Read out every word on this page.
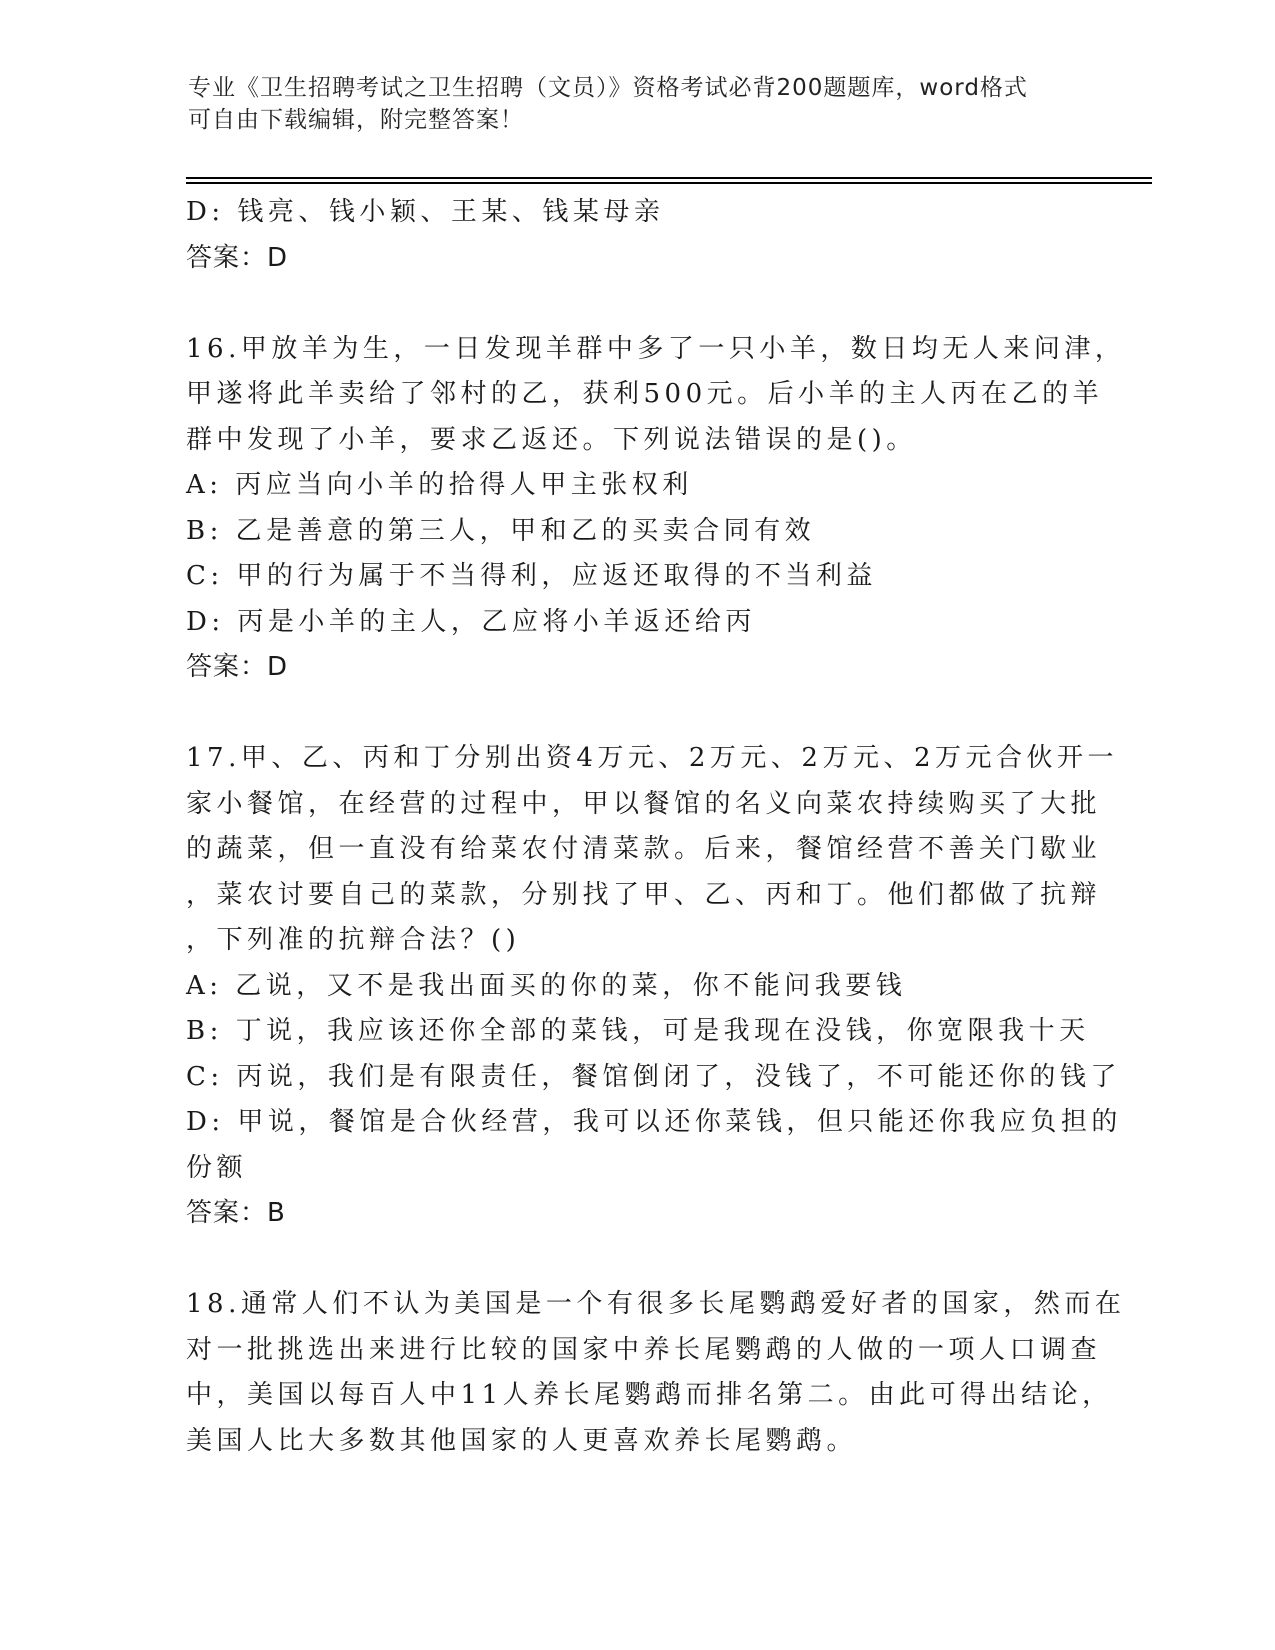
专业《卫生招聘考试之卫生招聘（文员）》资格考试必背200题题库，word格式
可自由下载编辑，附完整答案！
D: 钱亮、钱小颖、王某、钱某母亲
答案：D
16.甲放羊为生，一日发现羊群中多了一只小羊，数日均无人来问津，
甲遂将此羊卖给了邻村的乙，获利500元。后小羊的主人丙在乙的羊
群中发现了小羊，要求乙返还。下列说法错误的是()。
A: 丙应当向小羊的拾得人甲主张权利
B: 乙是善意的第三人，甲和乙的买卖合同有效
C: 甲的行为属于不当得利，应返还取得的不当利益
D: 丙是小羊的主人，乙应将小羊返还给丙
答案：D
17.甲、乙、丙和丁分别出资4万元、2万元、2万元、2万元合伙开一
家小餐馆，在经营的过程中，甲以餐馆的名义向菜农持续购买了大批
的蔬菜，但一直没有给菜农付清菜款。后来，餐馆经营不善关门歇业
，菜农讨要自己的菜款，分别找了甲、乙、丙和丁。他们都做了抗辩
，下列准的抗辩合法？()
A: 乙说，又不是我出面买的你的菜，你不能问我要钱
B: 丁说，我应该还你全部的菜钱，可是我现在没钱，你宽限我十天
C: 丙说，我们是有限责任，餐馆倒闭了，没钱了，不可能还你的钱了
D: 甲说，餐馆是合伙经营，我可以还你菜钱，但只能还你我应负担的
份额
答案：B
18.通常人们不认为美国是一个有很多长尾鹦鹉爱好者的国家，然而在
对一批挑选出来进行比较的国家中养长尾鹦鹉的人做的一项人口调查
中，美国以每百人中11人养长尾鹦鹉而排名第二。由此可得出结论，
美国人比大多数其他国家的人更喜欢养长尾鹦鹉。
